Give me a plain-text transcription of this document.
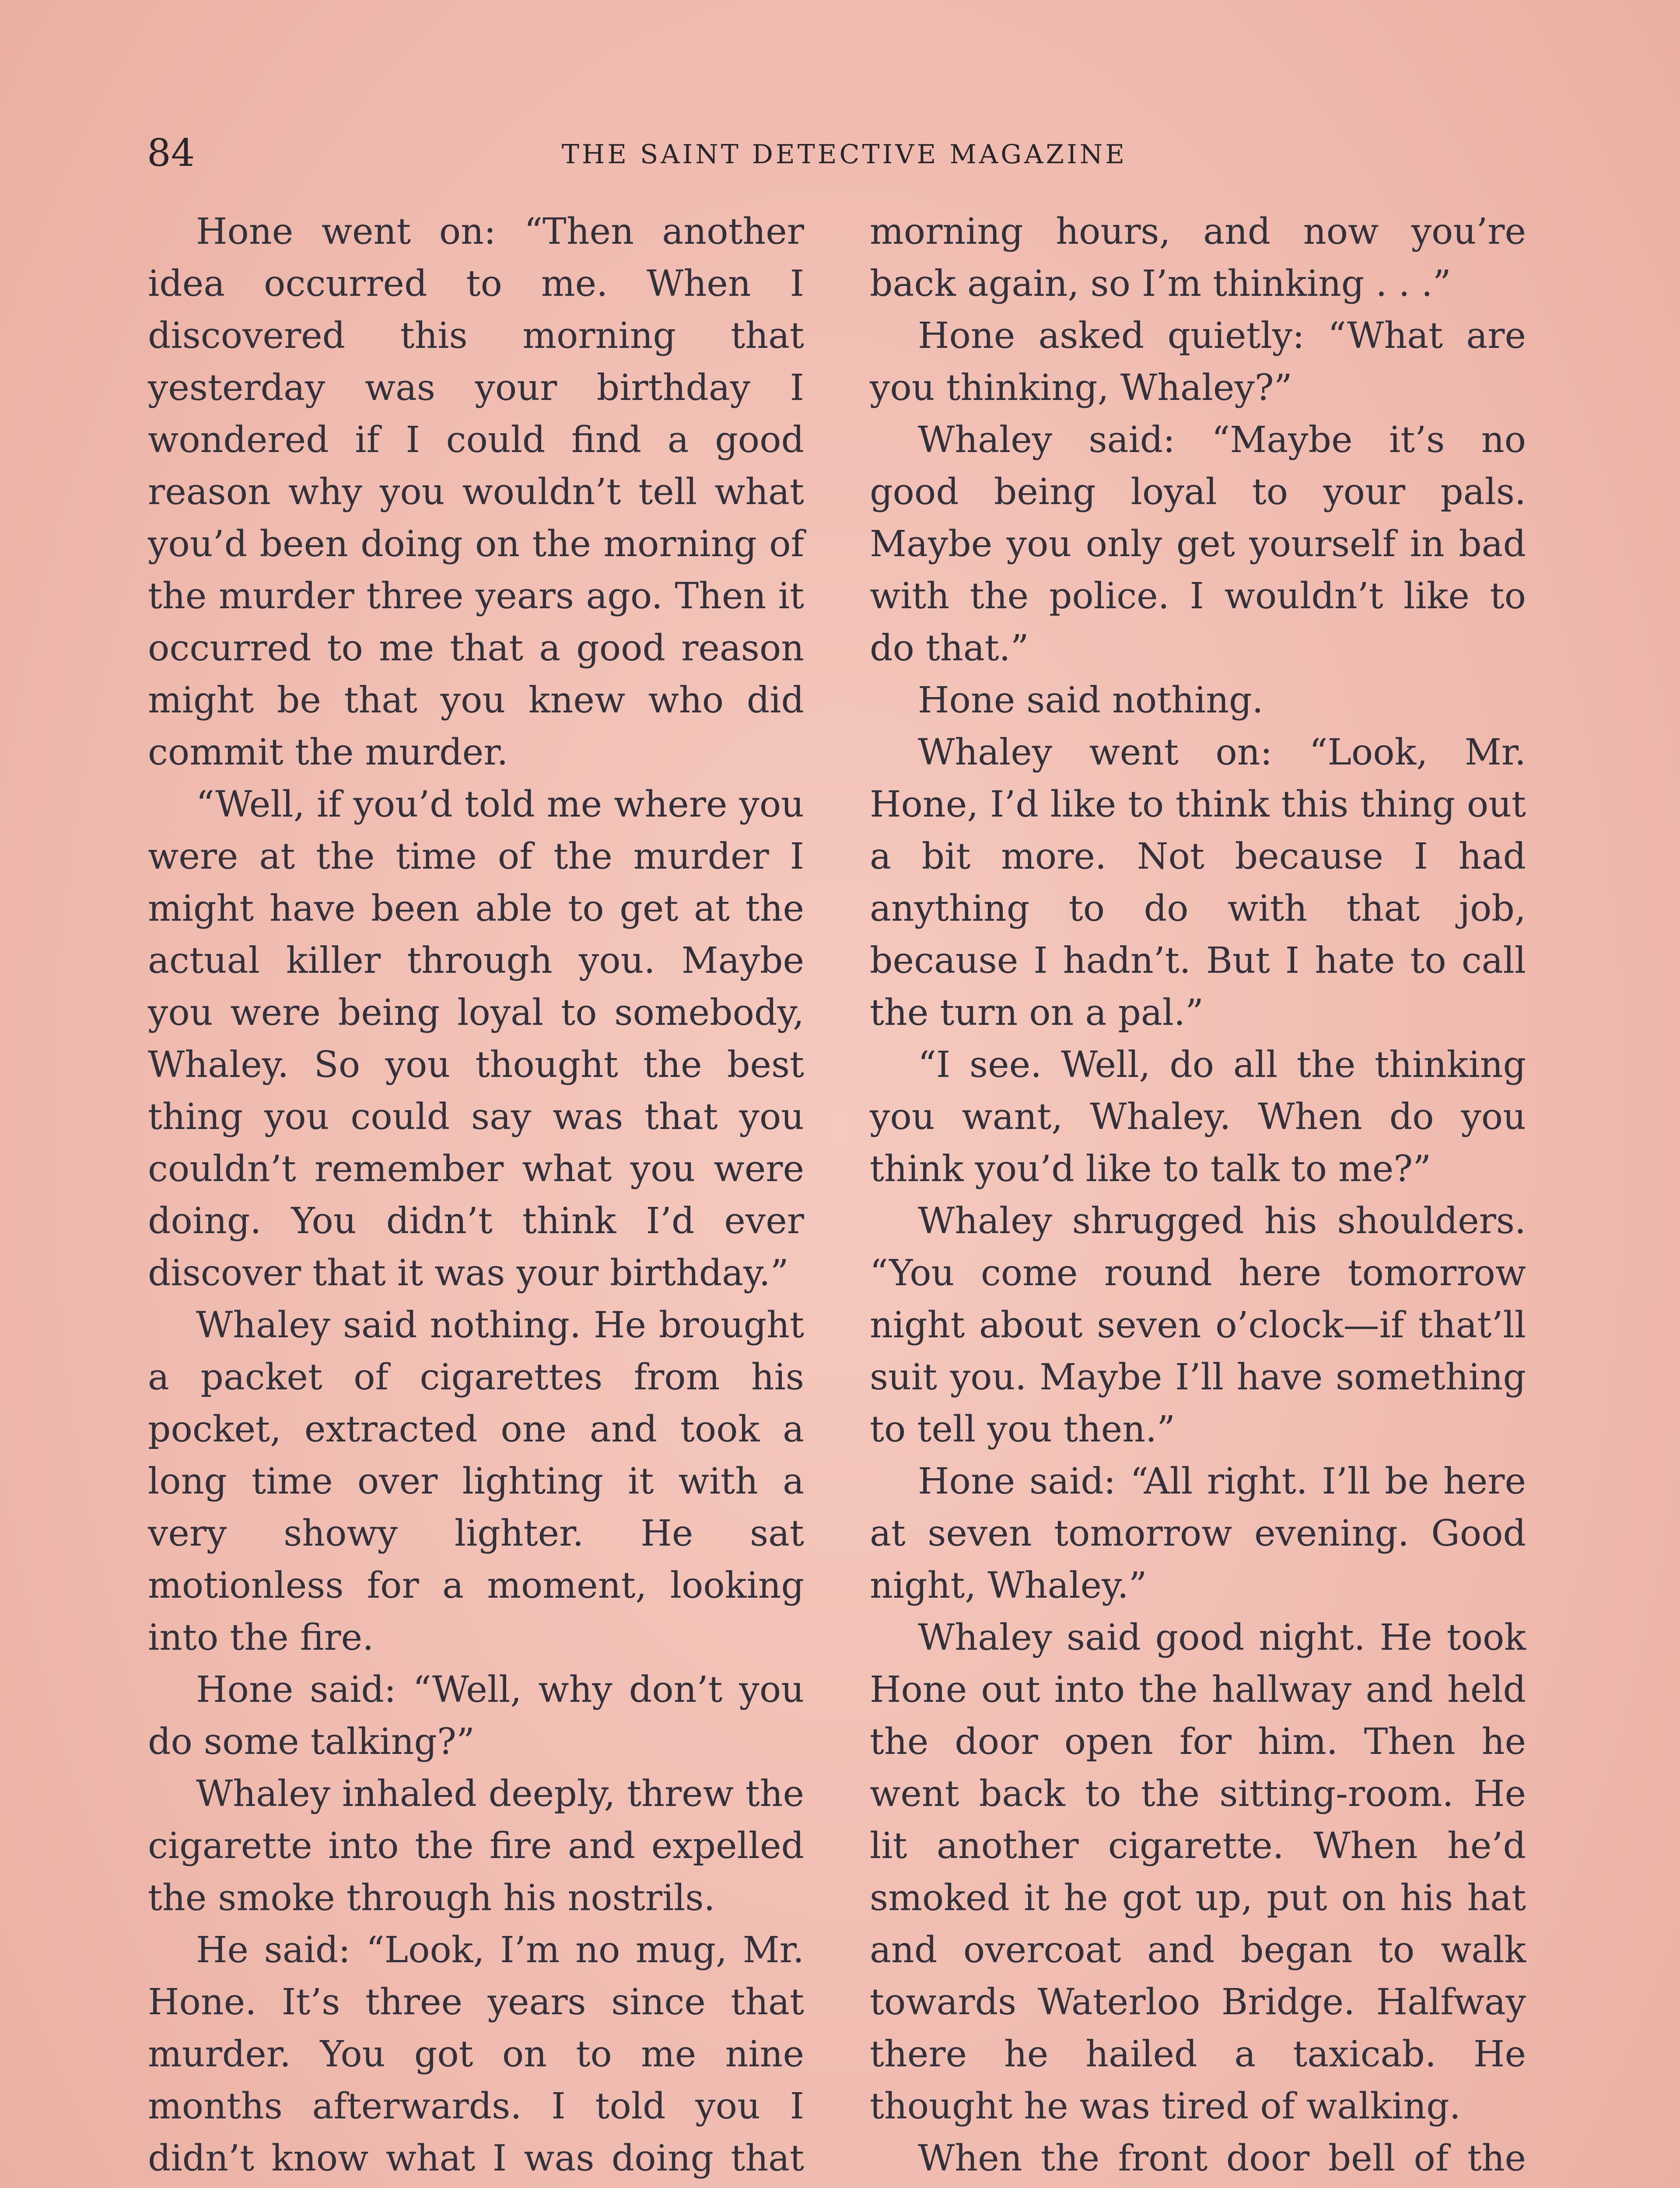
84	THE SAINT DETECTIVE MAGAZINE

Hone went on: “Then another idea occurred to me. When I discovered this morning that yesterday was your birthday I wondered if I could find a good reason why you wouldn’t tell what you’d been doing on the morning of the murder three years ago. Then it occurred to me that a good reason might be that you knew who did commit the murder.

“Well, if you’d told me where you were at the time of the murder I might have been able to get at the actual killer through you. Maybe you were being loyal to somebody, Whaley. So you thought the best thing you could say was that you couldn’t remember what you were doing. You didn’t think I’d ever discover that it was your birthday.”

Whaley said nothing. He brought a packet of cigarettes from his pocket, extracted one and took a long time over lighting it with a very showy lighter. He sat motionless for a moment, looking into the fire.

Hone said: “Well, why don’t you do some talking?”

Whaley inhaled deeply, threw the cigarette into the fire and expelled the smoke through his nostrils.

He said: “Look, I’m no mug, Mr. Hone. It’s three years since that murder. You got on to me nine months afterwards. I told you I didn’t know what I was doing that

morning hours, and now you’re back again, so I’m thinking . . .”

Hone asked quietly: “What are you thinking, Whaley?”

Whaley said: “Maybe it’s no good being loyal to your pals. Maybe you only get yourself in bad with the police. I wouldn’t like to do that.”

Hone said nothing.

Whaley went on: “Look, Mr. Hone, I’d like to think this thing out a bit more. Not because I had anything to do with that job, because I hadn’t. But I hate to call the turn on a pal.”

“I see. Well, do all the thinking you want, Whaley. When do you think you’d like to talk to me?”

Whaley shrugged his shoulders. “You come round here tomorrow night about seven o’clock—if that’ll suit you. Maybe I’ll have something to tell you then.”

Hone said: “All right. I’ll be here at seven tomorrow evening. Good night, Whaley.”

Whaley said good night. He took Hone out into the hallway and held the door open for him. Then he went back to the sitting-room. He lit another cigarette. When he’d smoked it he got up, put on his hat and overcoat and began to walk towards Waterloo Bridge. Halfway there he hailed a taxicab. He thought he was tired of walking.

When the front door bell of the
